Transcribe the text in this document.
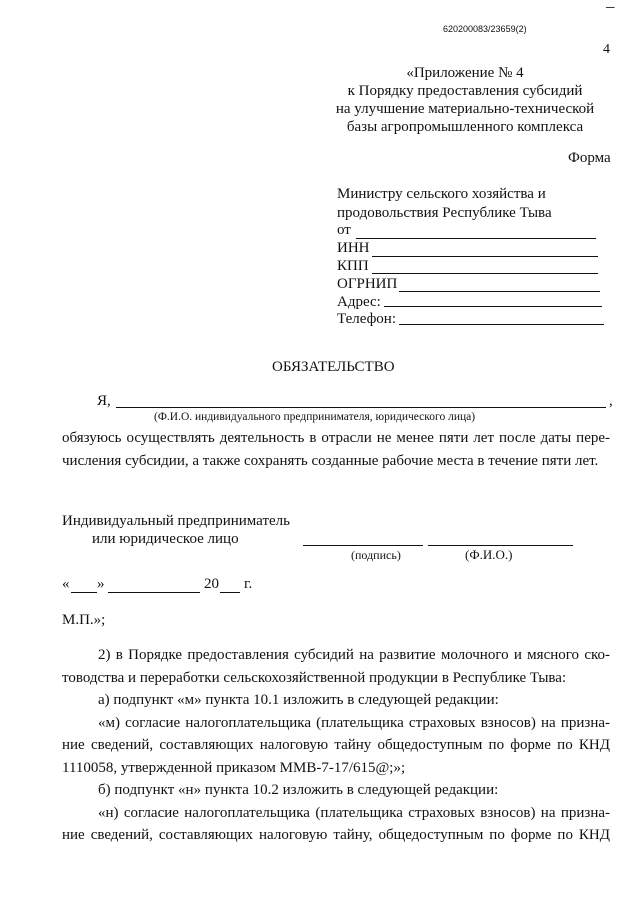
620200083/23659(2)
─
4
«Приложение № 4
к Порядку предоставления субсидий
на улучшение материально-технической
базы агропромышленного комплекса
Форма
Министру сельского хозяйства и
продовольствия Республике Тыва
от
ИНН
КПП
ОГРНИП
Адрес:
Телефон:
ОБЯЗАТЕЛЬСТВО
Я,	,
(Ф.И.О. индивидуального предпринимателя, юридического лица)
обязуюсь осуществлять деятельность в отрасли не менее пяти лет после даты пере-
числения субсидии, а также сохранять созданные рабочие места в течение пяти лет.
Индивидуальный предприниматель
или юридическое лицо
(подпись)	(Ф.И.О.)
« »	20 г.
М.П.»;
2) в Порядке предоставления субсидий на развитие молочного и мясного ско-
товодства и переработки сельскохозяйственной продукции в Республике Тыва:
а) подпункт «м» пункта 10.1 изложить в следующей редакции:
«м) согласие налогоплательщика (плательщика страховых взносов) на призна-
ние сведений, составляющих налоговую тайну общедоступным по форме по КНД
1110058, утвержденной приказом ММВ-7-17/615@;»;
б) подпункт «н» пункта 10.2 изложить в следующей редакции:
«н) согласие налогоплательщика (плательщика страховых взносов) на призна-
ние сведений, составляющих налоговую тайну, общедоступным по форме по КНД
